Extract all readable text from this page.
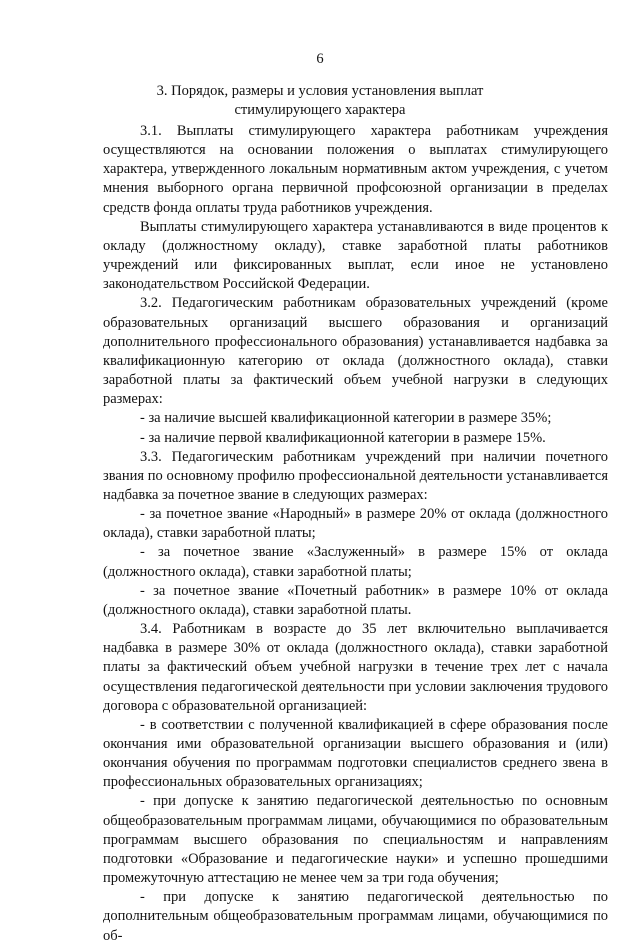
6
3. Порядок, размеры и условия установления выплат
стимулирующего характера

3.1. Выплаты стимулирующего характера работникам учреждения осуществляются на основании положения о выплатах стимулирующего характера, утвержденного локальным нормативным актом учреждения, с учетом мнения выборного органа первичной профсоюзной организации в пределах средств фонда оплаты труда работников учреждения.

Выплаты стимулирующего характера устанавливаются в виде процентов к окладу (должностному окладу), ставке заработной платы работников учреждений или фиксированных выплат, если иное не установлено законодательством Российской Федерации.

3.2. Педагогическим работникам образовательных учреждений (кроме образовательных организаций высшего образования и организаций дополнительного профессионального образования) устанавливается надбавка за квалификационную категорию от оклада (должностного оклада), ставки заработной платы за фактический объем учебной нагрузки в следующих размерах:

- за наличие высшей квалификационной категории в размере 35%;

- за наличие первой квалификационной категории в размере 15%.

3.3. Педагогическим работникам учреждений при наличии почетного звания по основному профилю профессиональной деятельности устанавливается надбавка за почетное звание в следующих размерах:

- за почетное звание «Народный» в размере 20% от оклада (должностного оклада), ставки заработной платы;

- за почетное звание «Заслуженный» в размере 15% от оклада (должностного оклада), ставки заработной платы;

- за почетное звание «Почетный работник» в размере 10% от оклада (должностного оклада), ставки заработной платы.

3.4. Работникам в возрасте до 35 лет включительно выплачивается надбавка в размере 30% от оклада (должностного оклада), ставки заработной платы за фактический объем учебной нагрузки в течение трех лет с начала осуществления педагогической деятельности при условии заключения трудового договора с образовательной организацией:

- в соответствии с полученной квалификацией в сфере образования после окончания ими образовательной организации высшего образования и (или) окончания обучения по программам подготовки специалистов среднего звена в профессиональных образовательных организациях;

- при допуске к занятию педагогической деятельностью по основным общеобразовательным программам лицами, обучающимися по образовательным программам высшего образования по специальностям и направлениям подготовки «Образование и педагогические науки» и успешно прошедшими промежуточную аттестацию не менее чем за три года обучения;

- при допуске к занятию педагогической деятельностью по дополнительным общеобразовательным программам лицами, обучающимися по об-
